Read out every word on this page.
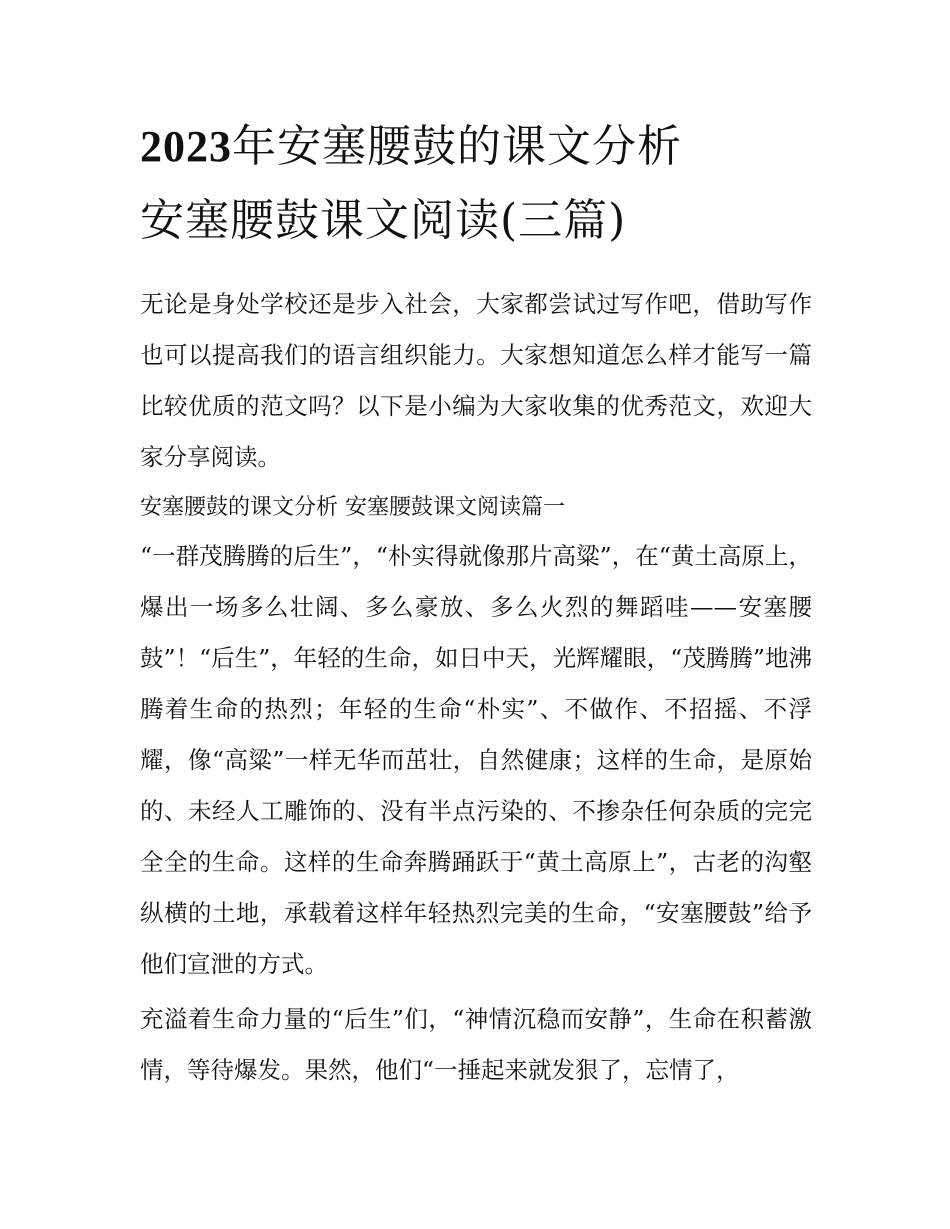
2023年安塞腰鼓的课文分析
安塞腰鼓课文阅读(三篇)

无论是身处学校还是步入社会，大家都尝试过写作吧，借助写作也可以提高我们的语言组织能力。大家想知道怎么样才能写一篇比较优质的范文吗？以下是小编为大家收集的优秀范文，欢迎大家分享阅读。

安塞腰鼓的课文分析 安塞腰鼓课文阅读篇一

“一群茂腾腾的后生”，“朴实得就像那片高粱”，在“黄土高原上，爆出一场多么壮阔、多么豪放、多么火烈的舞蹈哇——安塞腰鼓”！“后生”，年轻的生命，如日中天，光辉耀眼，“茂腾腾”地沸腾着生命的热烈；年轻的生命“朴实”、不做作、不招摇、不浮耀，像“高粱”一样无华而茁壮，自然健康；这样的生命，是原始的、未经人工雕饰的、没有半点污染的、不掺杂任何杂质的完完全全的生命。这样的生命奔腾踊跃于“黄土高原上”，古老的沟壑纵横的土地，承载着这样年轻热烈完美的生命，“安塞腰鼓”给予他们宣泄的方式。

充溢着生命力量的“后生”们，“神情沉稳而安静”，生命在积蓄激情，等待爆发。果然，他们“一捶起来就发狠了，忘情了，
